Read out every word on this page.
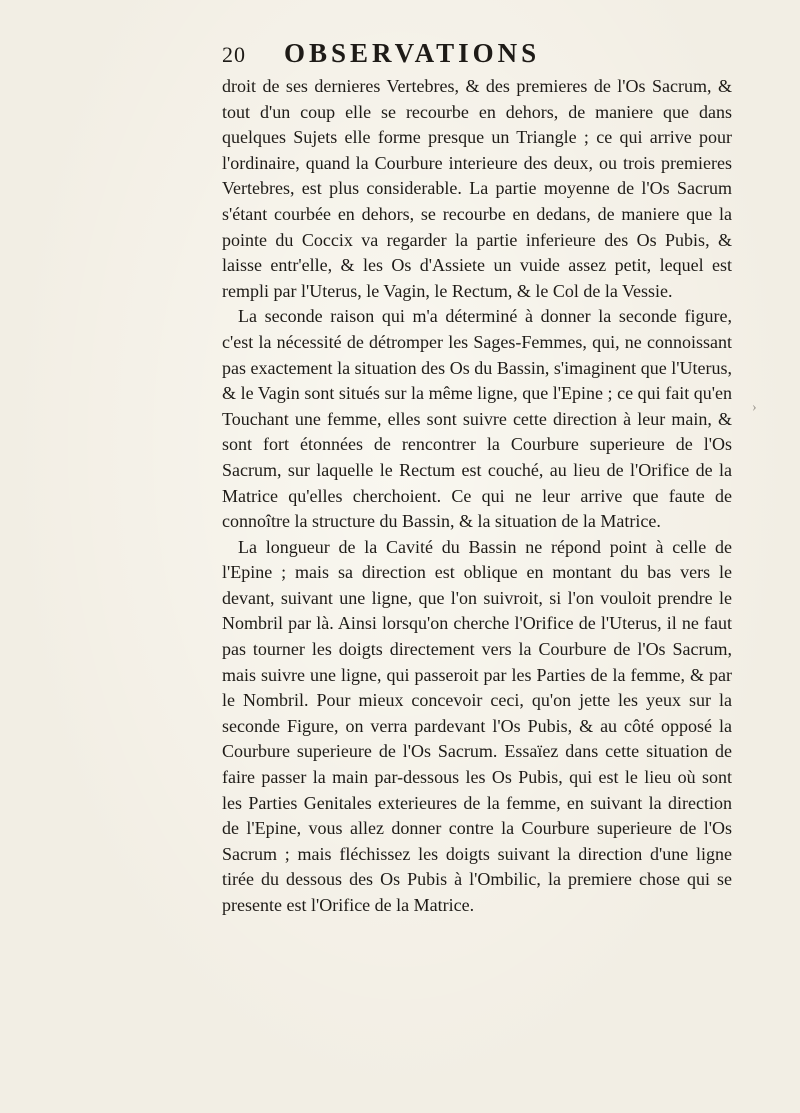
20 OBSERVATIONS

droit de ses dernieres Vertebres, & des premieres de l'Os Sacrum, & tout d'un coup elle se recourbe en dehors, de maniere que dans quelques Sujets elle forme presque un Triangle ; ce qui arrive pour l'ordinaire, quand la Courbure interieure des deux, ou trois premieres Vertebres, est plus considerable. La partie moyenne de l'Os Sacrum s'étant courbée en dehors, se recourbe en dedans, de maniere que la pointe du Coccix va regarder la partie inferieure des Os Pubis, & laisse entr'elle, & les Os d'Assiete un vuide assez petit, lequel est rempli par l'Uterus, le Vagin, le Rectum, & le Col de la Vessie.

La seconde raison qui m'a déterminé à donner la seconde figure, c'est la nécessité de détromper les Sages-Femmes, qui, ne connoissant pas exactement la situation des Os du Bassin, s'imaginent que l'Uterus, & le Vagin sont situés sur la même ligne, que l'Epine ; ce qui fait qu'en Touchant une femme, elles sont suivre cette direction à leur main, & sont fort étonnées de rencontrer la Courbure superieure de l'Os Sacrum, sur laquelle le Rectum est couché, au lieu de l'Orifice de la Matrice qu'elles cherchoient. Ce qui ne leur arrive que faute de connoître la structure du Bassin, & la situation de la Matrice.

La longueur de la Cavité du Bassin ne répond point à celle de l'Epine ; mais sa direction est oblique en montant du bas vers le devant, suivant une ligne, que l'on suivroit, si l'on vouloit prendre le Nombril par là. Ainsi lorsqu'on cherche l'Orifice de l'Uterus, il ne faut pas tourner les doigts directement vers la Courbure de l'Os Sacrum, mais suivre une ligne, qui passeroit par les Parties de la femme, & par le Nombril. Pour mieux concevoir ceci, qu'on jette les yeux sur la seconde Figure, on verra pardevant l'Os Pubis, & au côté opposé la Courbure superieure de l'Os Sacrum. Essaïez dans cette situation de faire passer la main par-dessous les Os Pubis, qui est le lieu où sont les Parties Genitales exterieures de la femme, en suivant la direction de l'Epine, vous allez donner contre la Courbure superieure de l'Os Sacrum ; mais fléchissez les doigts suivant la direction d'une ligne tirée du dessous des Os Pubis à l'Ombilic, la premiere chose qui se presente est l'Orifice de la Matrice.

›
